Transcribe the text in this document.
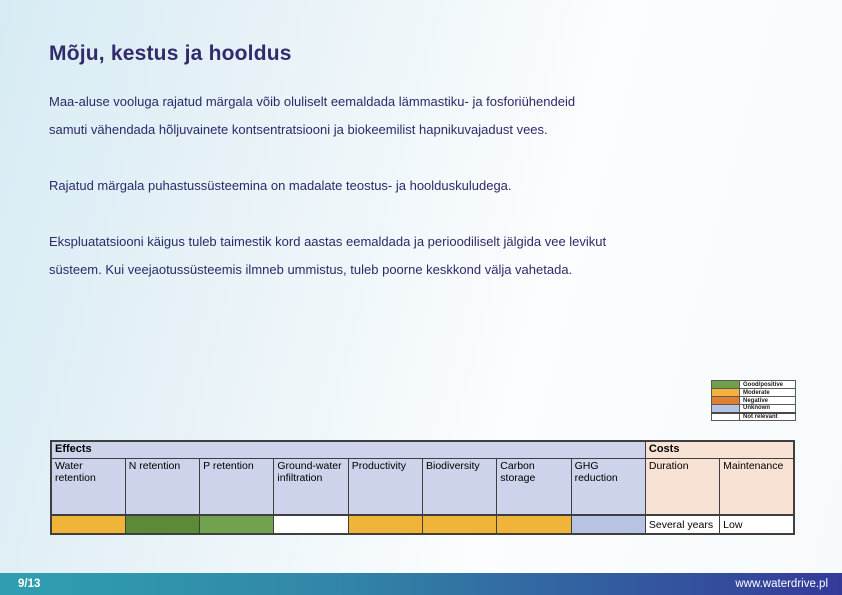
Mõju, kestus ja hooldus
Maa-aluse vooluga rajatud märgala võib oluliselt eemaldada lämmastiku- ja fosforiühendeid
samuti vähendada hõljuvainete kontsentratsiooni ja biokeemilist hapnikuvajadust vees.
Rajatud märgala puhastussüsteemina on madalate teostus- ja hoolduskuludega.
Ekspluatatsiooni käigus tuleb taimestik kord aastas eemaldada ja perioodiliselt jälgida vee levikut
süsteem. Kui veejaotussüsteemis ilmneb ummistus, tuleb poorne keskkond välja vahetada.
	Good/positive
	Moderate
	Negative
	Unknown
	Not relevant
Effects								Costs	
Water retention	N retention	P retention	Ground-water infiltration	Productivity	Biodiversity	Carbon storage	GHG reduction	Duration	Maintenance
								Several years	Low
9/13	www.waterdrive.pl
